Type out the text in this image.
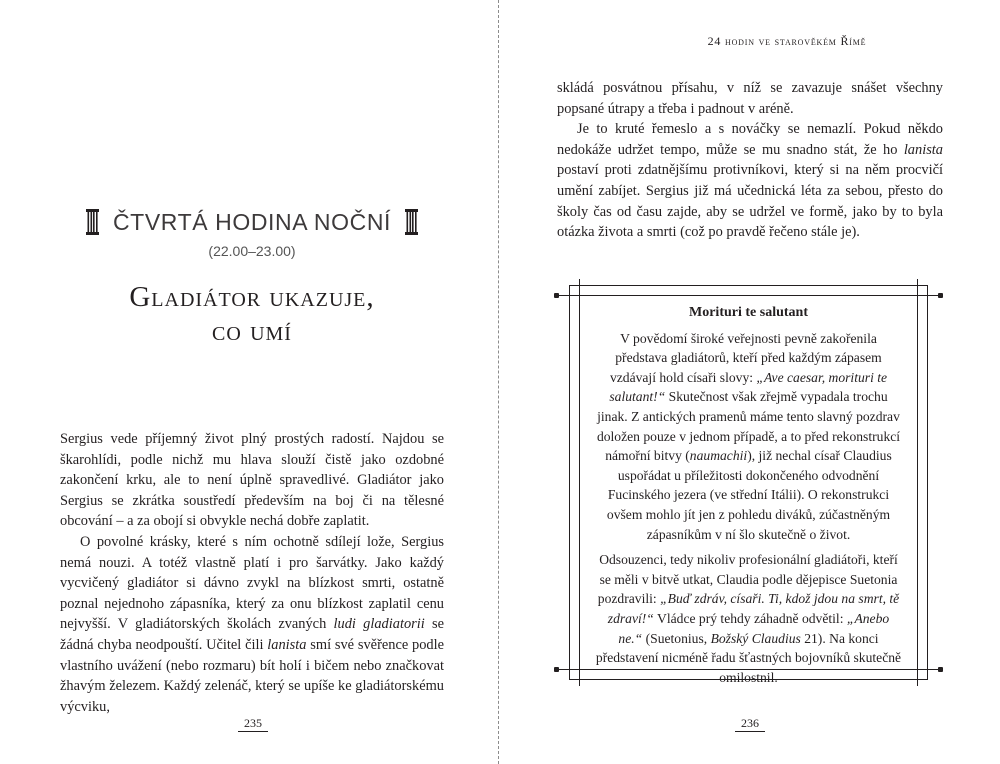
ČTVRTÁ HODINA NOČNÍ
(22.00–23.00)
Gladiátor ukazuje,
co umí

Sergius vede příjemný život plný prostých radostí. Najdou se škarohlídi, podle nichž mu hlava slouží čistě jako ozdobné zakončení krku, ale to není úplně spravedlivé. Gladiátor jako Sergius se zkrátka soustředí především na boj či na tělesné obcování – a za obojí si obvykle nechá dobře zaplatit.

O povolné krásky, které s ním ochotně sdílejí lože, Sergius nemá nouzi. A totéž vlastně platí i pro šarvátky. Jako každý vycvičený gladiátor si dávno zvykl na blízkost smrti, ostatně poznal nejednoho zápasníka, který za onu blízkost zaplatil cenu nejvyšší. V gladiátorských školách zvaných ludi gladiatorii se žádná chyba neodpouští. Učitel čili lanista smí své svěřence podle vlastního uvážení (nebo rozmaru) bít holí i bičem nebo značkovat žhavým železem. Každý zelenáč, který se upíše ke gladiátorskému výcviku,

235
24 hodin ve starověkém Římě

skládá posvátnou přísahu, v níž se zavazuje snášet všechny popsané útrapy a třeba i padnout v aréně.

Je to kruté řemeslo a s nováčky se nemazlí. Pokud někdo nedokáže udržet tempo, může se mu snadno stát, že ho lanista postaví proti zdatnějšímu protivníkovi, který si na něm procvičí umění zabíjet. Sergius již má učednická léta za sebou, přesto do školy čas od času zajde, aby se udržel ve formě, jako by to byla otázka života a smrti (což po pravdě řečeno stále je).

Morituri te salutant

V povědomí široké veřejnosti pevně zakořenila představa gladiátorů, kteří před každým zápasem vzdávají hold císaři slovy: „Ave caesar, morituri te salutant!“ Skutečnost však zřejmě vypadala trochu jinak. Z antických pramenů máme tento slavný pozdrav doložen pouze v jednom případě, a to před rekonstrukcí námořní bitvy (naumachii), již nechal císař Claudius uspořádat u příležitosti dokončeného odvodnění Fucinského jezera (ve střední Itálii). O rekonstrukci ovšem mohlo jít jen z pohledu diváků, zúčastněným zápasníkům v ní šlo skutečně o život.

Odsouzenci, tedy nikoliv profesionální gladiátoři, kteří se měli v bitvě utkat, Claudia podle dějepisce Suetonia pozdravili: „Buď zdráv, císaři. Ti, kdož jdou na smrt, tě zdraví!“ Vládce prý tehdy záhadně odvětil: „Anebo ne.“ (Suetonius, Božský Claudius 21). Na konci představení nicméně řadu šťastných bojovníků skutečně omilostnil.

236
